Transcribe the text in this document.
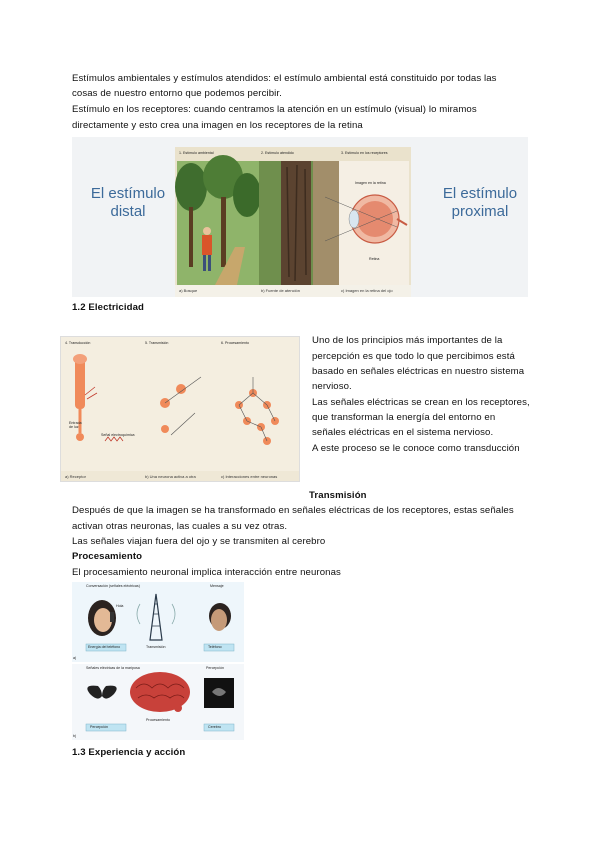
Estímulos ambientales y estímulos atendidos: el estímulo ambiental está constituido por todas las
cosas de nuestro entorno que podemos percibir.
Estímulo en los receptores: cuando centramos la atención en un estímulo (visual) lo miramos
directamente y esto crea una imagen en los receptores de la retina
El estímulo
distal
El estímulo
proximal
1. Estímulo ambiental	2. Estímulo atendido	3. Estímulo en los receptores
Imagen en la retina
Retina
a) Bosque	b) Fuente de atención	c) Imagen en la retina del ojo
1.2 Electricidad
4. Transducción	5. Transmisión	6. Procesamiento
Entrada
de luz
Señal electroquímica
a) Receptor	b) Una neurona activa a otra	c) Interacciones entre neuronas
Uno de los principios más importantes de la
percepción es que todo lo que percibimos está
basado en señales eléctricas en nuestro sistema
nervioso.
Las señales eléctricas se crean en los receptores,
que transforman la energía del entorno en
señales eléctricas en el sistema nervioso.
A este proceso se le conoce como transducción
Transmisión
Después de que la imagen se ha transformado en señales eléctricas de los receptores, estas señales
activan otras neuronas, las cuales a su vez otras.
Las señales viajan fuera del ojo y se transmiten al cerebro
Procesamiento
El procesamiento neuronal implica interacción entre neuronas
Conversación (señales eléctricas)
Hola
Mensaje
Energía del teléfono	Transmisión	Teléfono
a)
Señales eléctricas de la mariposa	Percepción
Percepción
Procesamiento
Cerebro
b)
1.3 Experiencia y acción
